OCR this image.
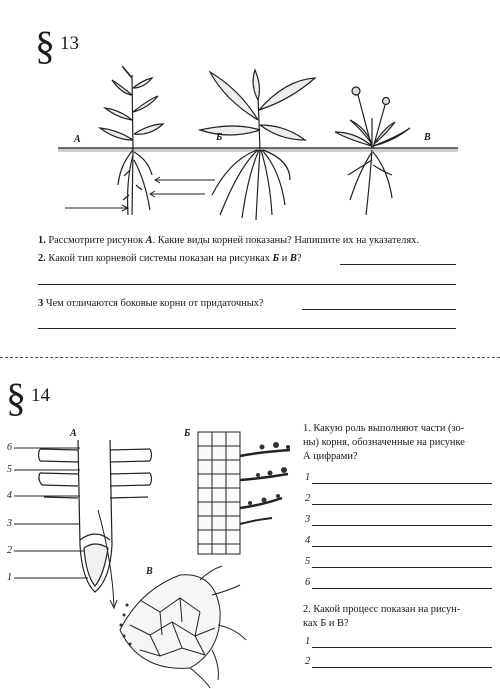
§ 13
А	Б	В
1. Рассмотрите рисунок А. Какие виды корней показаны? Напишите их на указателях.
2. Какой тип корневой системы показан на рисунках Б и В?
3 Чем отличаются боковые корни от придаточных?
§ 14
А
6
5
4
3
2
1
Б
В
1. Какую роль выполняют части (зо-
ны) корня, обозначенные на рисунке
А цифрами?
1
2
3
4
5
6
2. Какой процесс показан на рисун-
ках Б и В?
1
2
